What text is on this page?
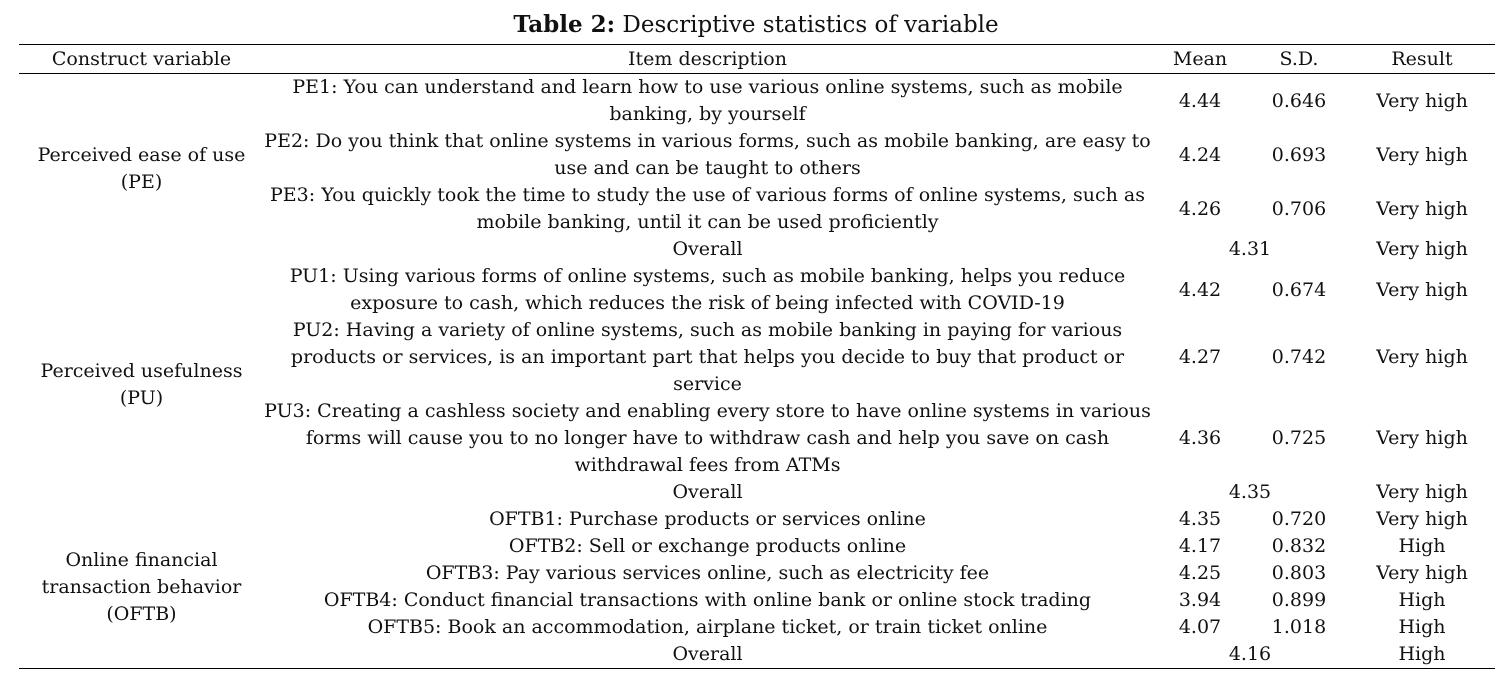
Table 2: Descriptive statistics of variable
Construct variable	Item description	Mean	S.D.	Result
Perceived ease of use
(PE)	PE1: You can understand and learn how to use various online systems, such as mobile banking, by yourself	4.44	0.646	Very high
	PE2: Do you think that online systems in various forms, such as mobile banking, are easy to use and can be taught to others	4.24	0.693	Very high
	PE3: You quickly took the time to study the use of various forms of online systems, such as mobile banking, until it can be used proficiently	4.26	0.706	Very high
	Overall	4.31		Very high
Perceived usefulness
(PU)	PU1: Using various forms of online systems, such as mobile banking, helps you reduce exposure to cash, which reduces the risk of being infected with COVID-19	4.42	0.674	Very high
	PU2: Having a variety of online systems, such as mobile banking in paying for various products or services, is an important part that helps you decide to buy that product or service	4.27	0.742	Very high
	PU3: Creating a cashless society and enabling every store to have online systems in various forms will cause you to no longer have to withdraw cash and help you save on cash withdrawal fees from ATMs	4.36	0.725	Very high
	Overall	4.35		Very high
Online financial
transaction behavior
(OFTB)	OFTB1: Purchase products or services online	4.35	0.720	Very high
	OFTB2: Sell or exchange products online	4.17	0.832	High
	OFTB3: Pay various services online, such as electricity fee	4.25	0.803	Very high
	OFTB4: Conduct financial transactions with online bank or online stock trading	3.94	0.899	High
	OFTB5: Book an accommodation, airplane ticket, or train ticket online	4.07	1.018	High
	Overall	4.16		High
